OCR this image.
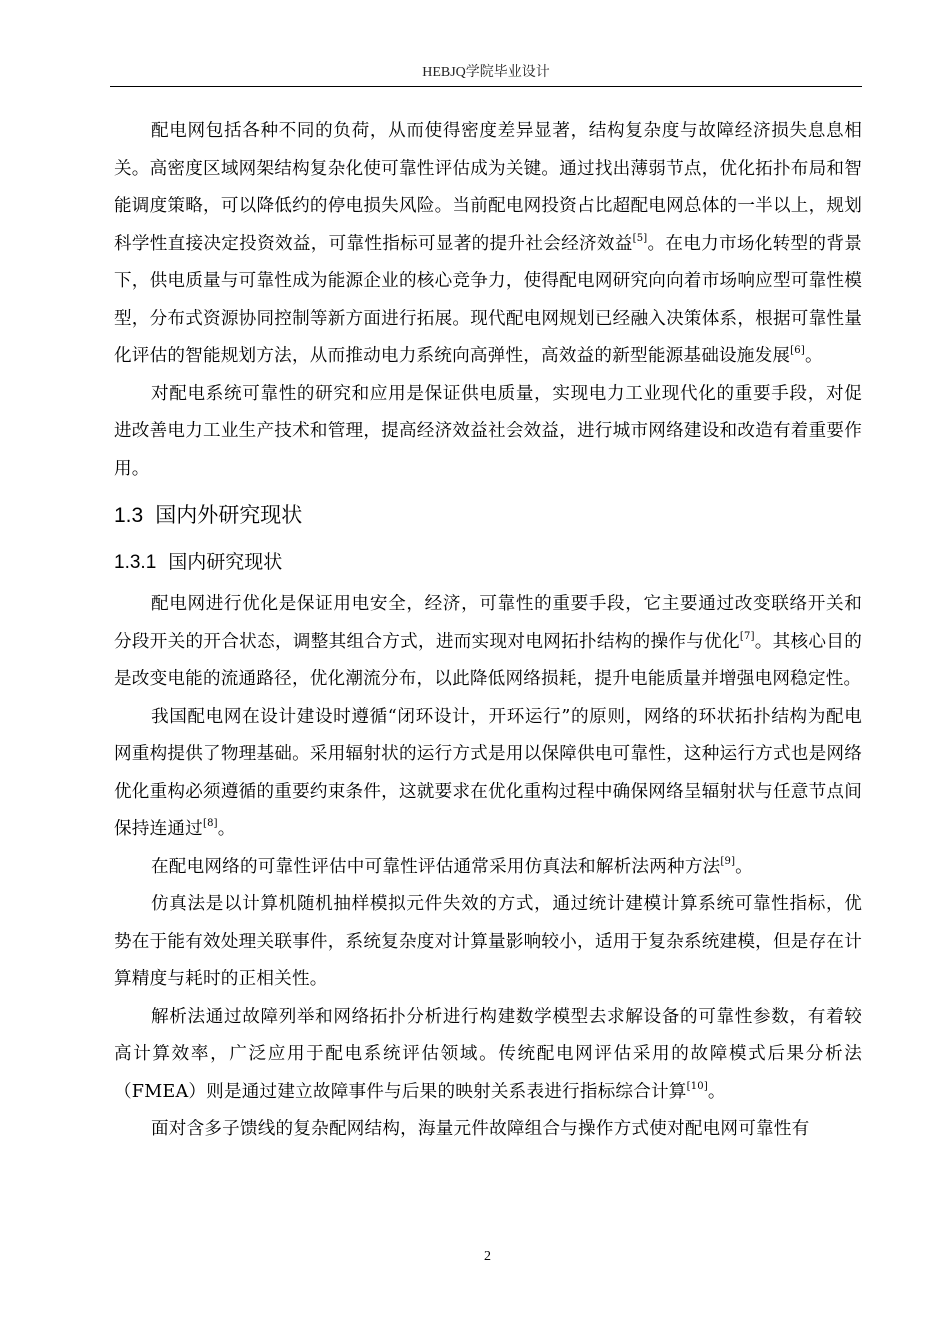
HEBJQ学院毕业设计

配电网包括各种不同的负荷，从而使得密度差异显著，结构复杂度与故障经济损失息息相关。高密度区域网架结构复杂化使可靠性评估成为关键。通过找出薄弱节点，优化拓扑布局和智能调度策略，可以降低约的停电损失风险。当前配电网投资占比超配电网总体的一半以上，规划科学性直接决定投资效益，可靠性指标可显著的提升社会经济效益[5]。在电力市场化转型的背景下，供电质量与可靠性成为能源企业的核心竞争力，使得配电网研究向向着市场响应型可靠性模型，分布式资源协同控制等新方面进行拓展。现代配电网规划已经融入决策体系，根据可靠性量化评估的智能规划方法，从而推动电力系统向高弹性，高效益的新型能源基础设施发展[6]。

对配电系统可靠性的研究和应用是保证供电质量，实现电力工业现代化的重要手段，对促进改善电力工业生产技术和管理，提高经济效益社会效益，进行城市网络建设和改造有着重要作用。

1.3 国内外研究现状
1.3.1 国内研究现状

配电网进行优化是保证用电安全，经济，可靠性的重要手段，它主要通过改变联络开关和分段开关的开合状态，调整其组合方式，进而实现对电网拓扑结构的操作与优化[7]。其核心目的是改变电能的流通路径，优化潮流分布，以此降低网络损耗，提升电能质量并增强电网稳定性。

我国配电网在设计建设时遵循“闭环设计，开环运行”的原则，网络的环状拓扑结构为配电网重构提供了物理基础。采用辐射状的运行方式是用以保障供电可靠性，这种运行方式也是网络优化重构必须遵循的重要约束条件，这就要求在优化重构过程中确保网络呈辐射状与任意节点间保持连通过[8]。

在配电网络的可靠性评估中可靠性评估通常采用仿真法和解析法两种方法[9]。

仿真法是以计算机随机抽样模拟元件失效的方式，通过统计建模计算系统可靠性指标，优势在于能有效处理关联事件，系统复杂度对计算量影响较小，适用于复杂系统建模，但是存在计算精度与耗时的正相关性。

解析法通过故障列举和网络拓扑分析进行构建数学模型去求解设备的可靠性参数，有着较高计算效率，广泛应用于配电系统评估领域。传统配电网评估采用的故障模式后果分析法（FMEA）则是通过建立故障事件与后果的映射关系表进行指标综合计算[10]。

面对含多子馈线的复杂配网结构，海量元件故障组合与操作方式使对配电网可靠性有

2
